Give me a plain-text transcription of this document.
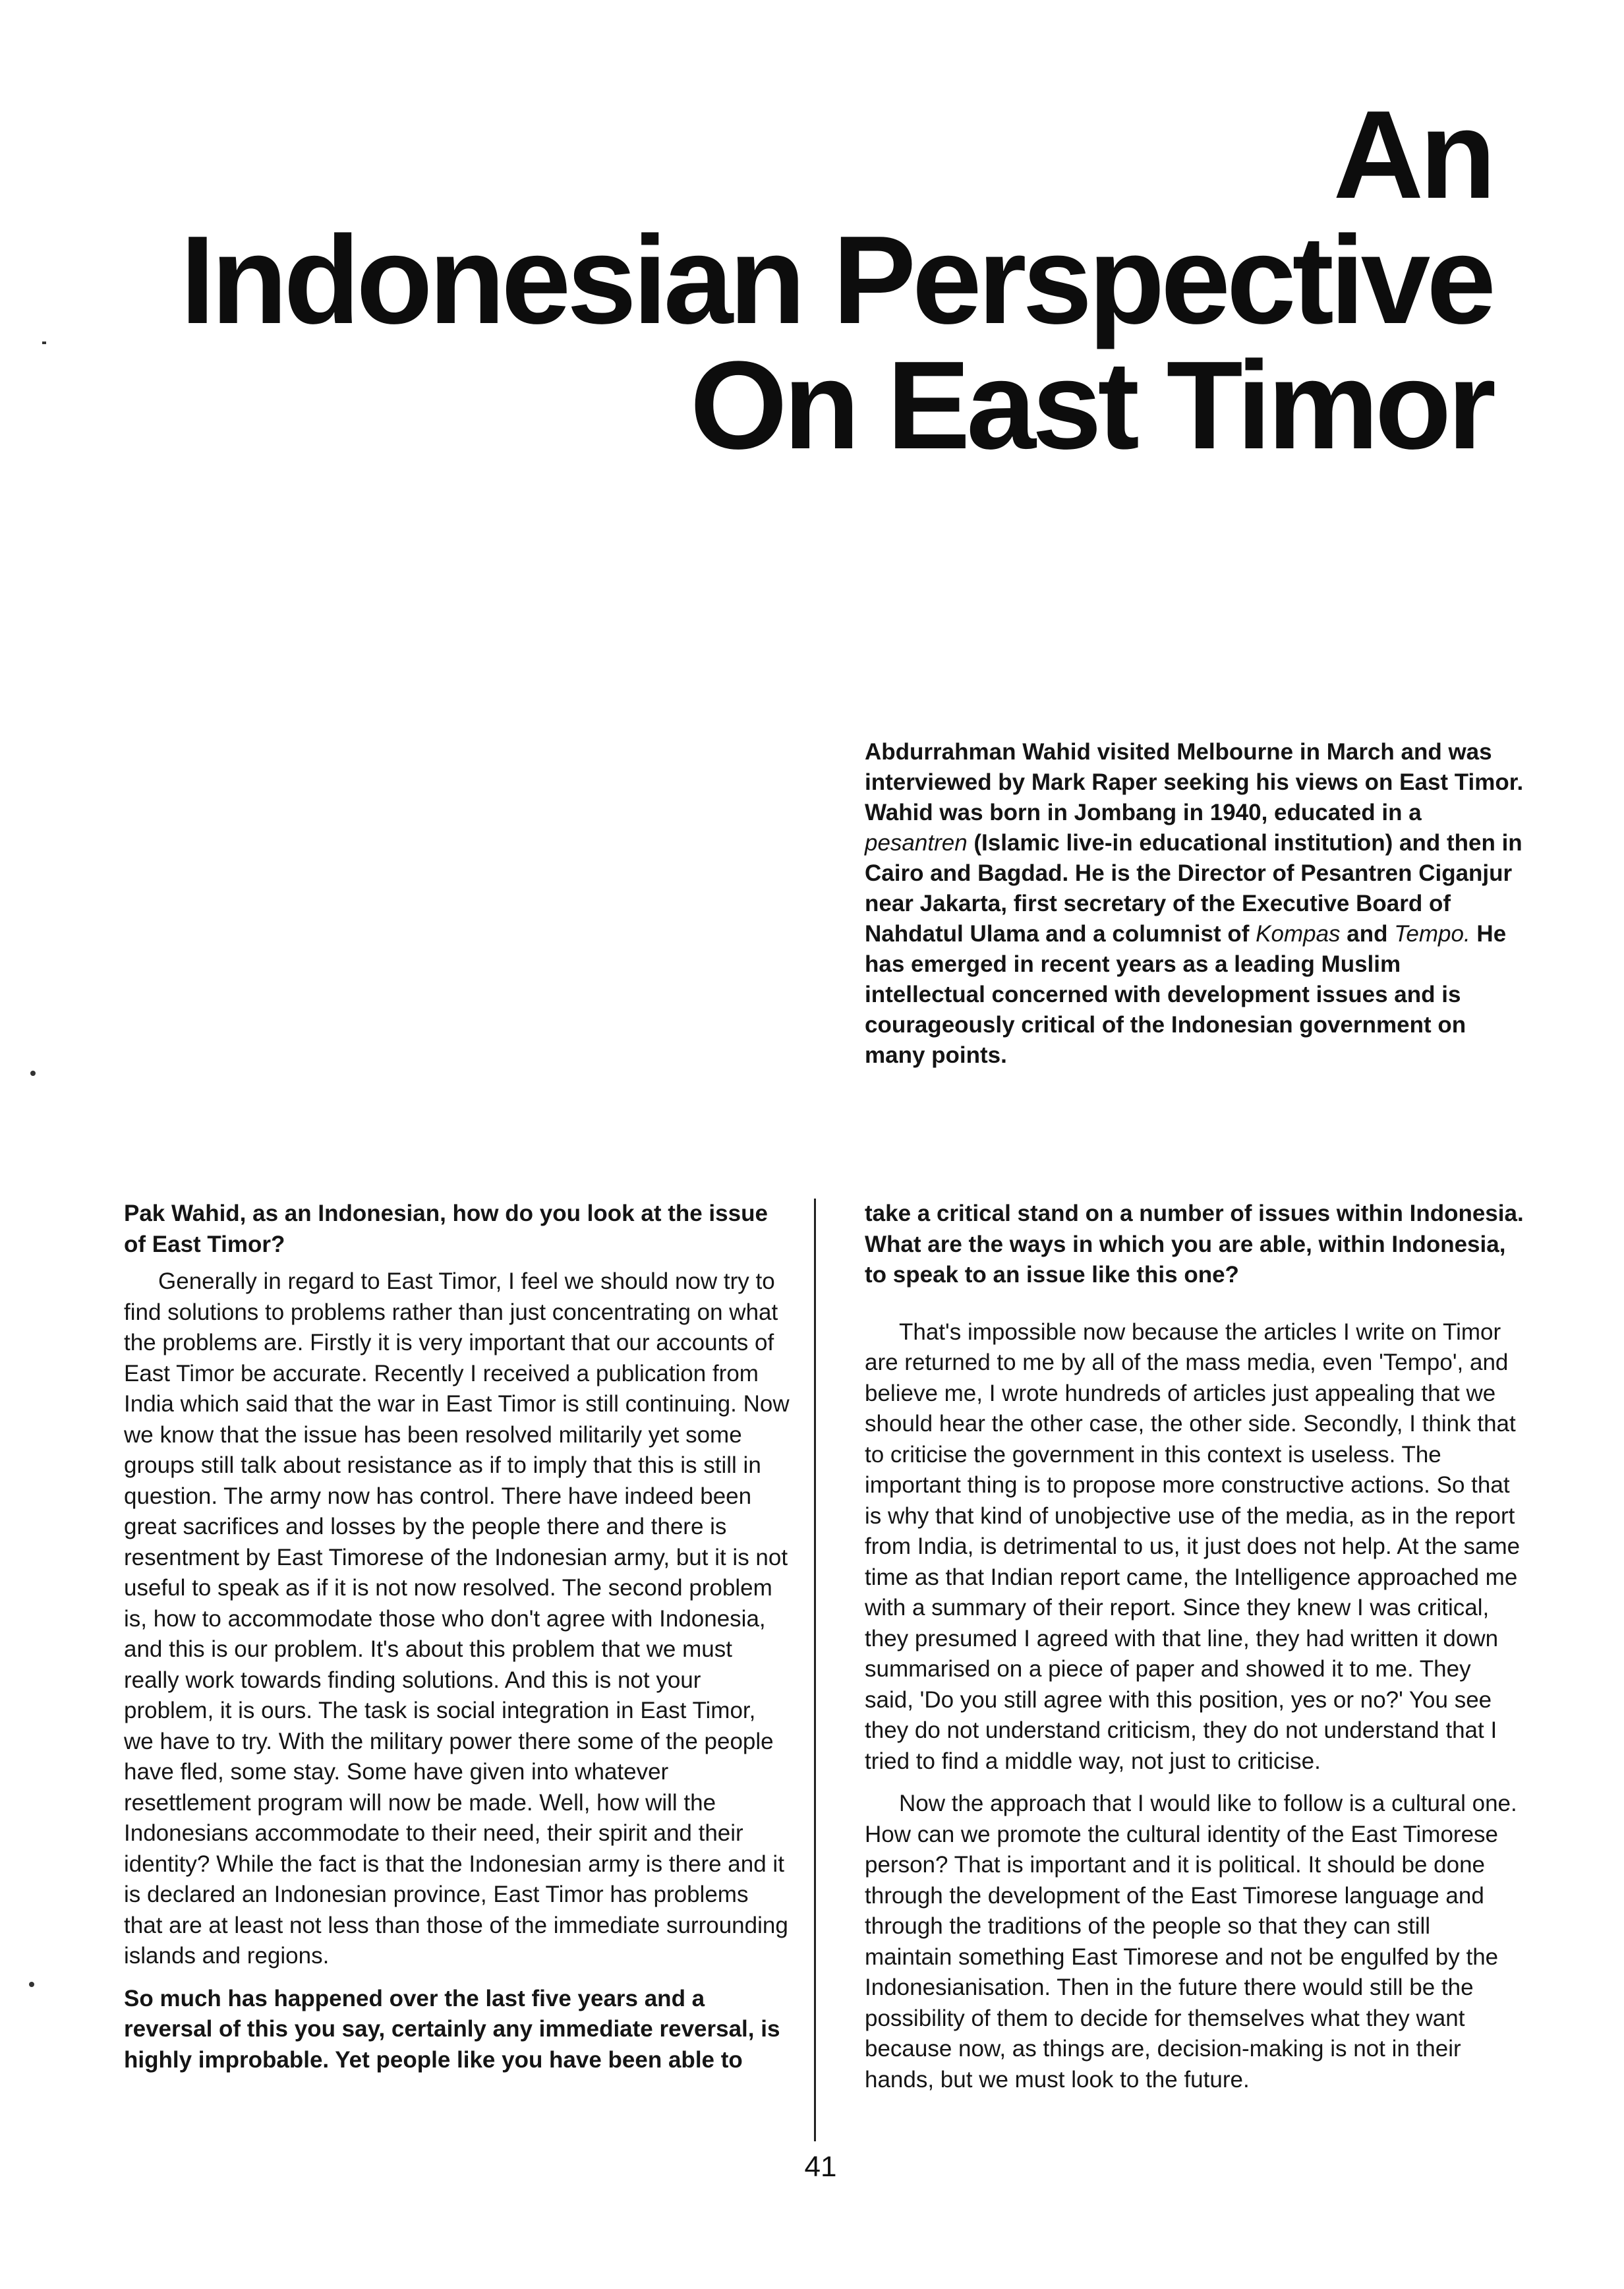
An
Indonesian Perspective
On East Timor
Abdurrahman Wahid visited Melbourne in March and was interviewed by Mark Raper seeking his views on East Timor. Wahid was born in Jombang in 1940, educated in a pesantren (Islamic live-in educational institution) and then in Cairo and Bagdad. He is the Director of Pesantren Ciganjur near Jakarta, first secretary of the Executive Board of Nahdatul Ulama and a columnist of Kompas and Tempo. He has emerged in recent years as a leading Muslim intellectual concerned with development issues and is courageously critical of the Indonesian government on many points.

Pak Wahid, as an Indonesian, how do you look at the issue of East Timor?

Generally in regard to East Timor, I feel we should now try to find solutions to problems rather than just concentrating on what the problems are. Firstly it is very important that our accounts of East Timor be accurate. Recently I received a publication from India which said that the war in East Timor is still continuing. Now we know that the issue has been resolved militarily yet some groups still talk about resistance as if to imply that this is still in question. The army now has control. There have indeed been great sacrifices and losses by the people there and there is resentment by East Timorese of the Indonesian army, but it is not useful to speak as if it is not now resolved. The second problem is, how to accommodate those who don't agree with Indonesia, and this is our problem. It's about this problem that we must really work towards finding solutions. And this is not your problem, it is ours. The task is social integration in East Timor, we have to try. With the military power there some of the people have fled, some stay. Some have given into whatever resettlement program will now be made. Well, how will the Indonesians accommodate to their need, their spirit and their identity? While the fact is that the Indonesian army is there and it is declared an Indonesian province, East Timor has problems that are at least not less than those of the immediate surrounding islands and regions.

So much has happened over the last five years and a reversal of this you say, certainly any immediate reversal, is highly improbable. Yet people like you have been able to

take a critical stand on a number of issues within Indonesia. What are the ways in which you are able, within Indonesia, to speak to an issue like this one?

That's impossible now because the articles I write on Timor are returned to me by all of the mass media, even 'Tempo', and believe me, I wrote hundreds of articles just appealing that we should hear the other case, the other side. Secondly, I think that to criticise the government in this context is useless. The important thing is to propose more constructive actions. So that is why that kind of unobjective use of the media, as in the report from India, is detrimental to us, it just does not help. At the same time as that Indian report came, the Intelligence approached me with a summary of their report. Since they knew I was critical, they presumed I agreed with that line, they had written it down summarised on a piece of paper and showed it to me. They said, 'Do you still agree with this position, yes or no?' You see they do not understand criticism, they do not understand that I tried to find a middle way, not just to criticise.

Now the approach that I would like to follow is a cultural one. How can we promote the cultural identity of the East Timorese person? That is important and it is political. It should be done through the development of the East Timorese language and through the traditions of the people so that they can still maintain something East Timorese and not be engulfed by the Indonesianisation. Then in the future there would still be the possibility of them to decide for themselves what they want because now, as things are, decision-making is not in their hands, but we must look to the future.

41
